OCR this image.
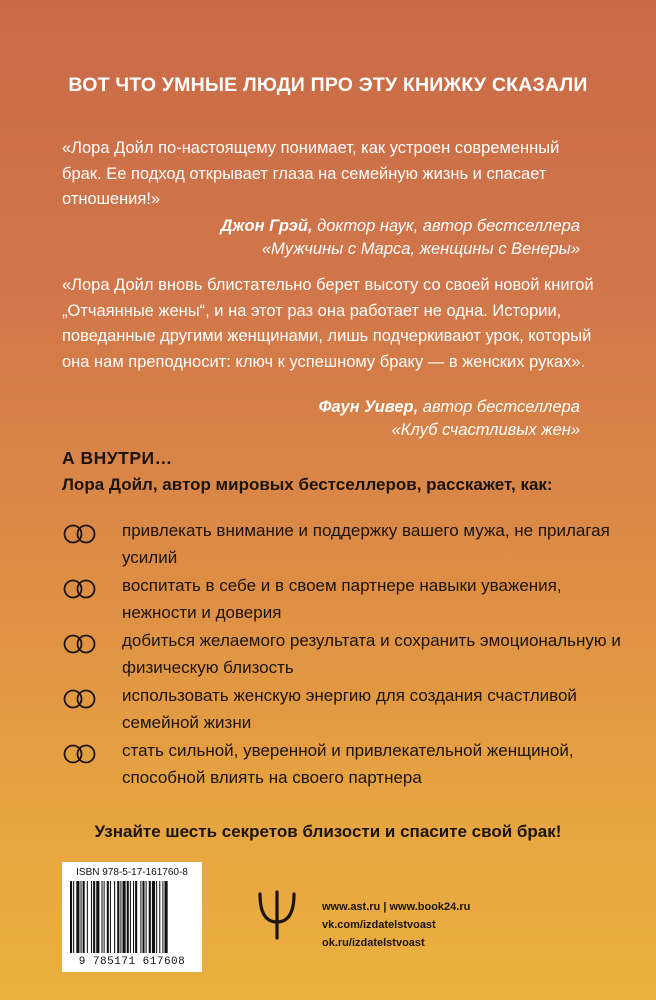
ВОТ ЧТО УМНЫЕ ЛЮДИ ПРО ЭТУ КНИЖКУ СКАЗАЛИ
«Лора Дойл по-настоящему понимает, как устроен современный брак. Ее подход открывает глаза на семейную жизнь и спасает отношения!»
Джон Грэй, доктор наук, автор бестселлера
«Мужчины с Марса, женщины с Венеры»
«Лора Дойл вновь блистательно берет высоту со своей новой книгой „Отчаянные жены“, и на этот раз она работает не одна. Истории, поведанные другими женщинами, лишь подчеркивают урок, который она нам преподносит: ключ к успешному браку — в женских руках».
Фаун Уивер, автор бестселлера
«Клуб счастливых жен»
А ВНУТРИ…
Лора Дойл, автор мировых бестселлеров, расскажет, как:
привлекать внимание и поддержку вашего мужа, не прилагая усилий
воспитать в себе и в своем партнере навыки уважения, нежности и доверия
добиться желаемого результата и сохранить эмоциональную и физическую близость
использовать женскую энергию для создания счастливой семейной жизни
стать сильной, уверенной и привлекательной женщиной, способной влиять на своего партнера
Узнайте шесть секретов близости и спасите свой брак!
ISBN 978-5-17-161760-8
9 785171 617608
www.ast.ru | www.book24.ru
vk.com/izdatelstvoast
ok.ru/izdatelstvoast
